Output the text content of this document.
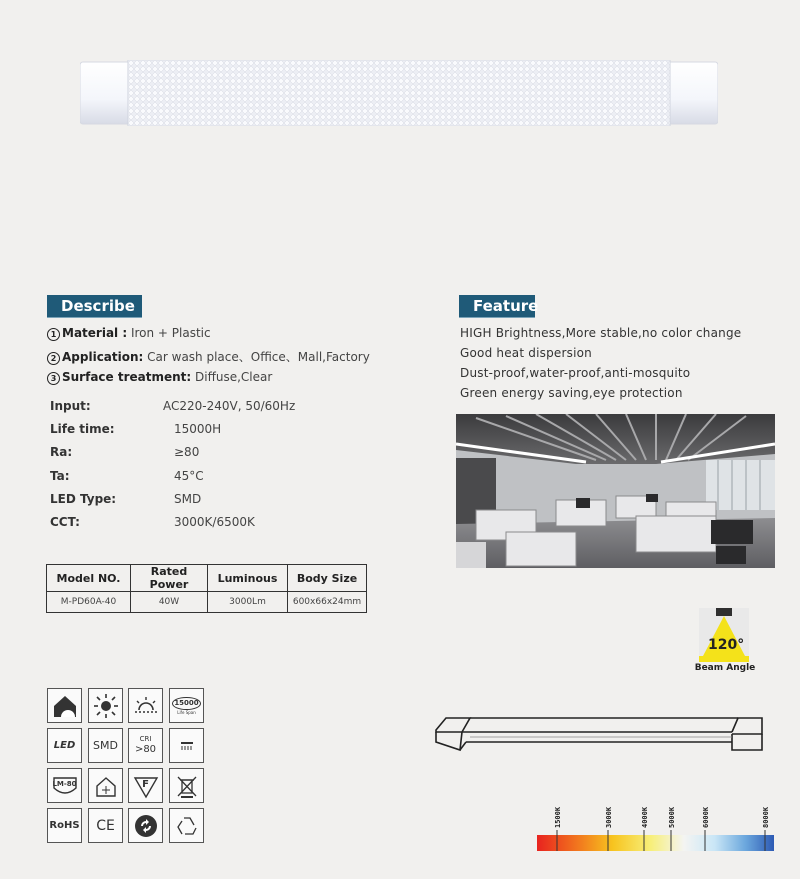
Describe
1 Material : Iron + Plastic
2 Application: Car wash place、Office、Mall,Factory
3 Surface treatment: Diffuse,Clear
Input:	AC220-240V, 50/60Hz
Life time:	15000H
Ra:	≥80
Ta:	45°C
LED Type:	SMD
CCT:	3000K/6500K
Model NO.	Rated Power	Luminous	Body Size
M-PD60A-40	40W	3000Lm	600x66x24mm
Feature
HIGH Brightness,More stable,no color change
Good heat dispersion
Dust-proof,water-proof,anti-mosquito
Green energy saving,eye protection
120°
Beam Angle
15000
Life Span
LED SMD	CRI
>80
LM-80	F
RoHS CE	1500K	3000K	4000K	5000K	6000K	8000K
